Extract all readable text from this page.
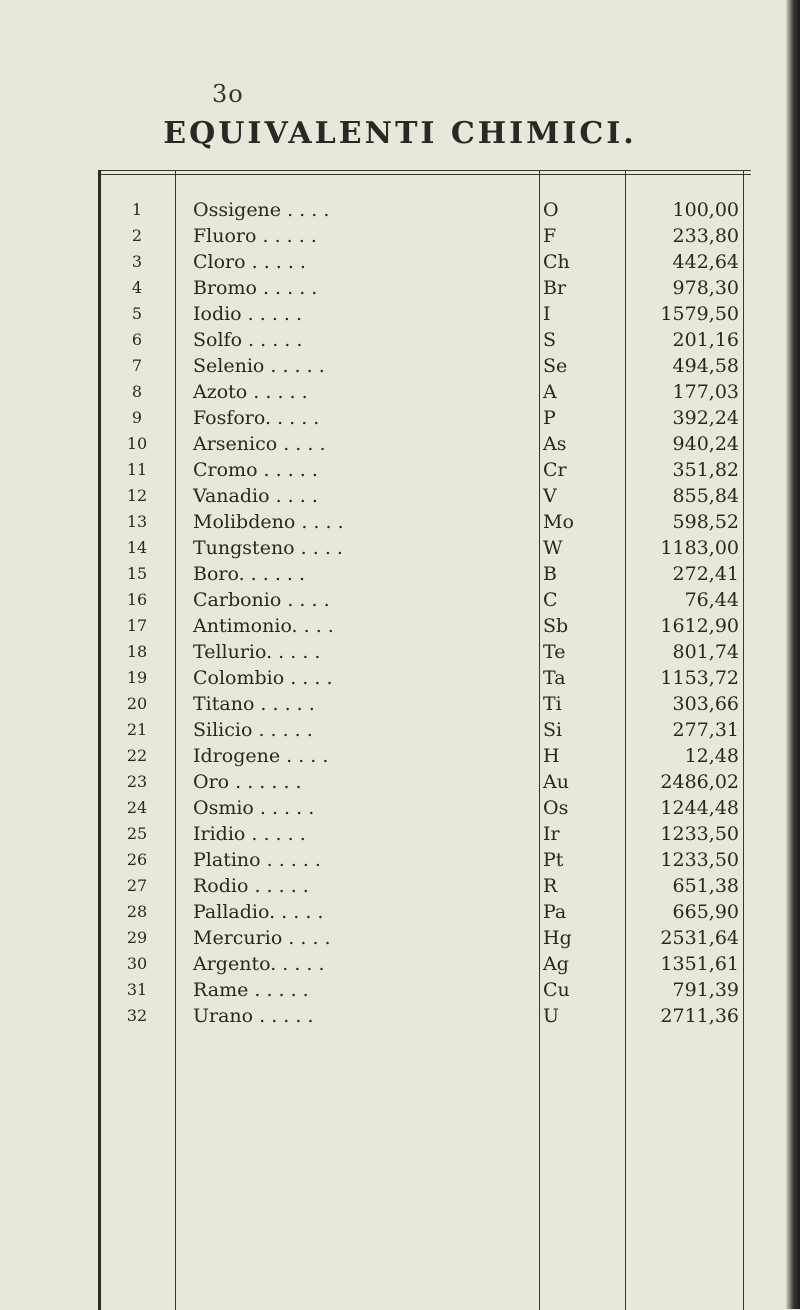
3o
EQUIVALENTI CHIMICI.
1	Ossigene . . . .	O	100,00
2	Fluoro . . . . .	F	233,80
3	Cloro . . . . .	Ch	442,64
4	Bromo . . . . .	Br	978,30
5	Iodio . . . . .	I	1579,50
6	Solfo . . . . .	S	201,16
7	Selenio . . . . .	Se	494,58
8	Azoto . . . . .	A	177,03
9	Fosforo. . . . .	P	392,24
10	Arsenico . . . .	As	940,24
11	Cromo . . . . .	Cr	351,82
12	Vanadio . . . .	V	855,84
13	Molibdeno . . . .	Mo	598,52
14	Tungsteno . . . .	W	1183,00
15	Boro. . . . . .	B	272,41
16	Carbonio . . . .	C	76,44
17	Antimonio. . . .	Sb	1612,90
18	Tellurio. . . . .	Te	801,74
19	Colombio . . . .	Ta	1153,72
20	Titano . . . . .	Ti	303,66
21	Silicio . . . . .	Si	277,31
22	Idrogene . . . .	H	12,48
23	Oro . . . . . .	Au	2486,02
24	Osmio . . . . .	Os	1244,48
25	Iridio . . . . .	Ir	1233,50
26	Platino . . . . .	Pt	1233,50
27	Rodio . . . . .	R	651,38
28	Palladio. . . . .	Pa	665,90
29	Mercurio . . . .	Hg	2531,64
30	Argento. . . . .	Ag	1351,61
31	Rame . . . . .	Cu	791,39
32	Urano . . . . .	U	2711,36
